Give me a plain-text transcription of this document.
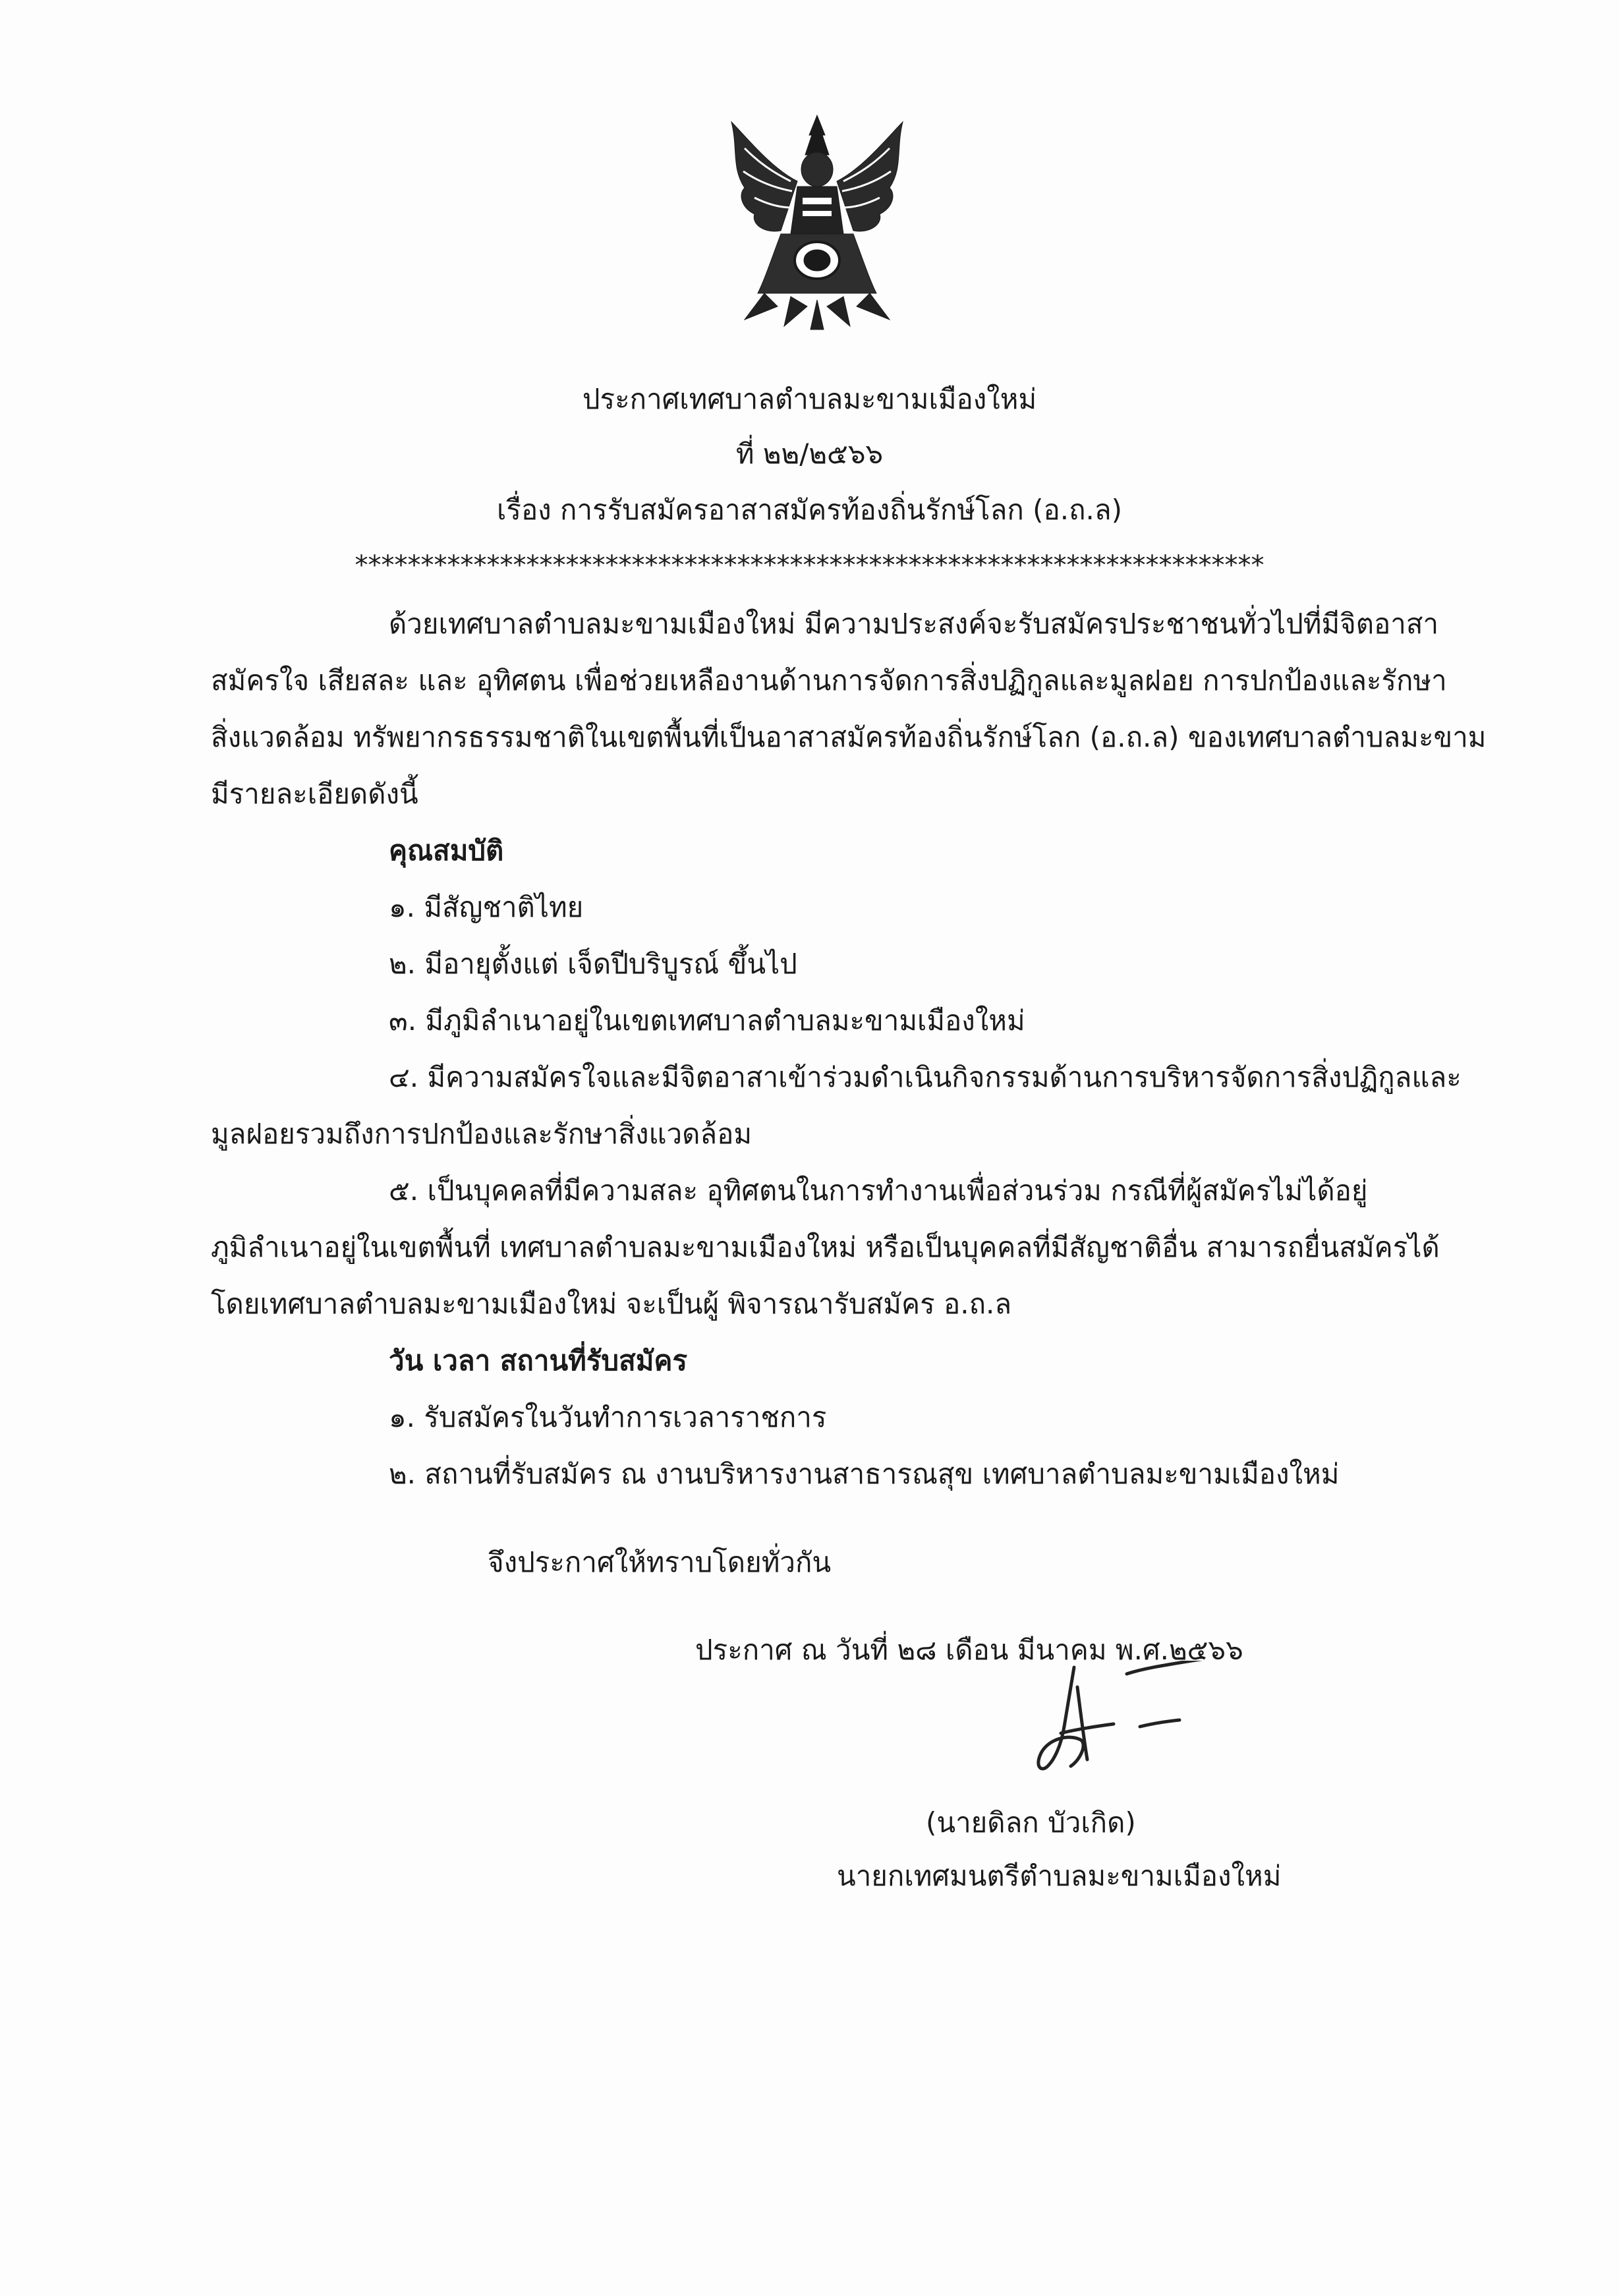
ประกาศเทศบาลตำบลมะขามเมืองใหม่
ที่ ๒๒/๒๕๖๖
เรื่อง การรับสมัครอาสาสมัครท้องถิ่นรักษ์โลก (อ.ถ.ล)
*********************************************************************
ด้วยเทศบาลตำบลมะขามเมืองใหม่ มีความประสงค์จะรับสมัครประชาชนทั่วไปที่มีจิตอาสา
สมัครใจ เสียสละ และ อุทิศตน เพื่อช่วยเหลืองานด้านการจัดการสิ่งปฏิกูลและมูลฝอย การปกป้องและรักษา
สิ่งแวดล้อม ทรัพยากรธรรมชาติในเขตพื้นที่เป็นอาสาสมัครท้องถิ่นรักษ์โลก (อ.ถ.ล) ของเทศบาลตำบลมะขาม
มีรายละเอียดดังนี้
คุณสมบัติ
๑. มีสัญชาติไทย
๒. มีอายุตั้งแต่ เจ็ดปีบริบูรณ์ ขึ้นไป
๓. มีภูมิลำเนาอยู่ในเขตเทศบาลตำบลมะขามเมืองใหม่
๔. มีความสมัครใจและมีจิตอาสาเข้าร่วมดำเนินกิจกรรมด้านการบริหารจัดการสิ่งปฏิกูลและ
มูลฝอยรวมถึงการปกป้องและรักษาสิ่งแวดล้อม
๕. เป็นบุคคลที่มีความสละ อุทิศตนในการทำงานเพื่อส่วนร่วม กรณีที่ผู้สมัครไม่ได้อยู่
ภูมิลำเนาอยู่ในเขตพื้นที่ เทศบาลตำบลมะขามเมืองใหม่ หรือเป็นบุคคลที่มีสัญชาติอื่น สามารถยื่นสมัครได้
โดยเทศบาลตำบลมะขามเมืองใหม่ จะเป็นผู้ พิจารณารับสมัคร อ.ถ.ล
วัน เวลา สถานที่รับสมัคร
๑. รับสมัครในวันทำการเวลาราชการ
๒. สถานที่รับสมัคร ณ งานบริหารงานสาธารณสุข เทศบาลตำบลมะขามเมืองใหม่
จึงประกาศให้ทราบโดยทั่วกัน
ประกาศ ณ วันที่ ๒๘ เดือน มีนาคม พ.ศ.๒๕๖๖
(นายดิลก บัวเกิด)
นายกเทศมนตรีตำบลมะขามเมืองใหม่
